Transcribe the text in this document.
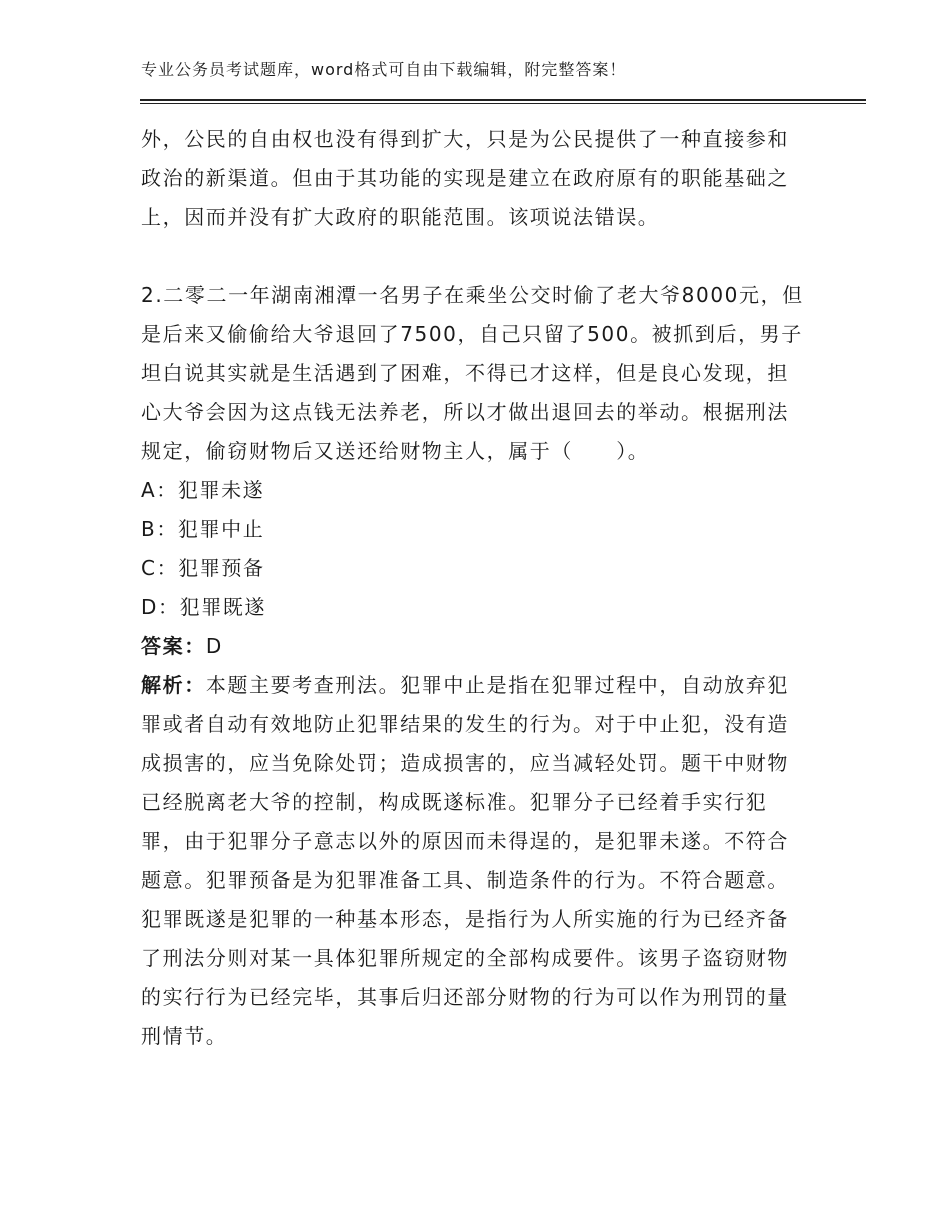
专业公务员考试题库，word格式可自由下载编辑，附完整答案！
外，公民的自由权也没有得到扩大，只是为公民提供了一种直接参和
政治的新渠道。但由于其功能的实现是建立在政府原有的职能基础之
上，因而并没有扩大政府的职能范围。该项说法错误。
2.二零二一年湖南湘潭一名男子在乘坐公交时偷了老大爷8000元，但
是后来又偷偷给大爷退回了7500，自己只留了500。被抓到后，男子
坦白说其实就是生活遇到了困难，不得已才这样，但是良心发现，担
心大爷会因为这点钱无法养老，所以才做出退回去的举动。根据刑法
规定，偷窃财物后又送还给财物主人，属于（　　）。
A：犯罪未遂
B：犯罪中止
C：犯罪预备
D：犯罪既遂
答案：D
解析：本题主要考查刑法。犯罪中止是指在犯罪过程中，自动放弃犯
罪或者自动有效地防止犯罪结果的发生的行为。对于中止犯，没有造
成损害的，应当免除处罚；造成损害的，应当减轻处罚。题干中财物
已经脱离老大爷的控制，构成既遂标准。犯罪分子已经着手实行犯
罪，由于犯罪分子意志以外的原因而未得逞的，是犯罪未遂。不符合
题意。犯罪预备是为犯罪准备工具、制造条件的行为。不符合题意。
犯罪既遂是犯罪的一种基本形态，是指行为人所实施的行为已经齐备
了刑法分则对某一具体犯罪所规定的全部构成要件。该男子盗窃财物
的实行行为已经完毕，其事后归还部分财物的行为可以作为刑罚的量
刑情节。
